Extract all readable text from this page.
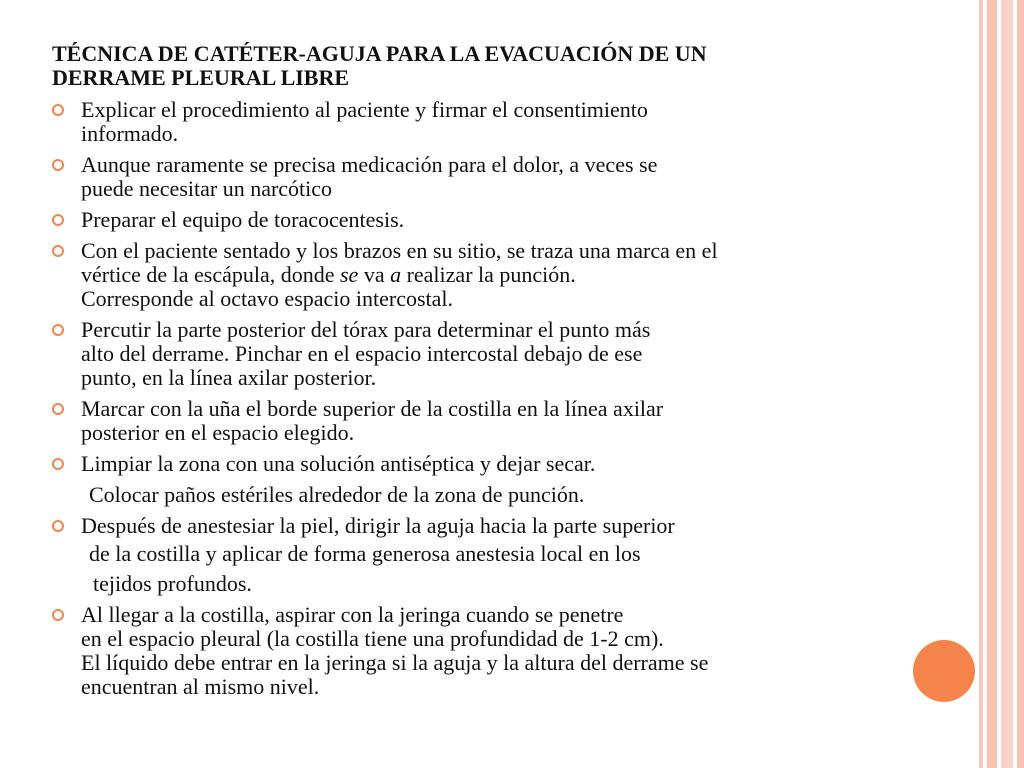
TÉCNICA DE CATÉTER-AGUJA PARA LA EVACUACIÓN DE UN
DERRAME PLEURAL LIBRE
Explicar el procedimiento al paciente y firmar el consentimiento
informado.
Aunque raramente se precisa medicación para el dolor, a veces se
puede necesitar un narcótico
Preparar el equipo de toracocentesis.
Con el paciente sentado y los brazos en su sitio, se traza una marca en el
vértice de la escápula, donde se va a realizar la punción.
Corresponde al octavo espacio intercostal.
Percutir la parte posterior del tórax para determinar el punto más
alto del derrame. Pinchar en el espacio intercostal debajo de ese
punto, en la línea axilar posterior.
Marcar con la uña el borde superior de la costilla en la línea axilar
posterior en el espacio elegido.
Limpiar la zona con una solución antiséptica y dejar secar.
Colocar paños estériles alrededor de la zona de punción.
Después de anestesiar la piel, dirigir la aguja hacia la parte superior
de la costilla y aplicar de forma generosa anestesia local en los
tejidos profundos.
Al llegar a la costilla, aspirar con la jeringa cuando se penetre
en el espacio pleural (la costilla tiene una profundidad de 1-2 cm).
El líquido debe entrar en la jeringa si la aguja y la altura del derrame se
encuentran al mismo nivel.
